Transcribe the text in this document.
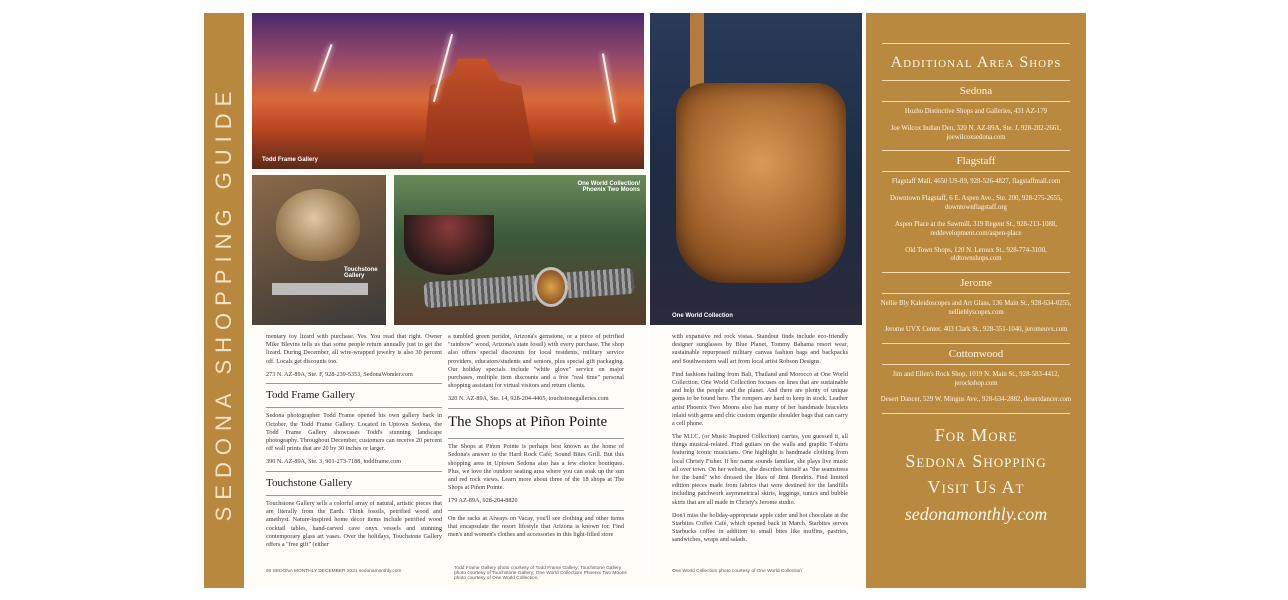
SEDONA SHOPPING GUIDE	Todd Frame Gallery
Touchstone Gallery
One World Collection/ Phoenix Two Moons
One World Collection

mentary toy lizard with purchase. Yes. You read that right. Owner Mike Blevins tells us that some people return annually just to get the lizard. During December, all wire-wrapped jewelry is also 30 percent off. Locals get discounts too.

273 N. AZ-89A, Ste. F, 928-239-5353, SedonaWonder.com
Todd Frame Gallery

Sedona photographer Todd Frame opened his own gallery back in October, the Todd Frame Gallery. Located in Uptown Sedona, the Todd Frame Gallery showcases Todd's stunning landscape photography. Throughout December, customers can receive 20 percent off wall prints that are 20 by 30 inches or larger.

390 N. AZ-89A, Ste. 3, 901-273-7188, toddframe.com
Touchstone Gallery

Touchstone Gallery sells a colorful array of natural, artistic pieces that are literally from the Earth. Think fossils, petrified wood and amethyst. Nature-inspired home décor items include petrified wood cocktail tables, hand-carved cave onyx vessels and stunning contemporary glass art vases. Over the holidays, Touchstone Gallery offers a "free gift" (either

a tumbled green peridot, Arizona's gemstone, or a piece of petrified "rainbow" wood, Arizona's state fossil) with every purchase. The shop also offers special discounts for local residents, military service providers, educators/students and seniors, plus special gift packaging. Our holiday specials include "white glove" service on major purchases, multiple item discounts and a free "real time" personal shopping assistant for virtual visitors and return clients.

320 N. AZ-89A, Ste. 14, 928-204-4405, touchstonegalleries.com
The Shops at Piñon Pointe

The Shops at Piñon Pointe is perhaps best known as the home of Sedona's answer to the Hard Rock Café; Sound Bites Grill. But this shopping area in Uptown Sedona also has a few choice boutiques. Plus, we love the outdoor seating area where you can soak up the sun and red rock views. Learn more about three of the 18 shops at The Shops at Piñon Pointe.

179 AZ-89A, 928-204-8820

On the racks at Always on Vacay, you'll see clothing and other items that encapsulate the resort lifestyle that Arizona is known for. Find men's and women's clothes and accessories in this light-filled store

with expansive red rock vistas. Standout finds include eco-friendly designer sunglasses by Blue Planet, Tommy Bahama resort wear, sustainable repurposed military canvas fashion bags and backpacks and Southwestern wall art from local artist Robson Designs.

Find fashions hailing from Bali, Thailand and Morocco at One World Collection. One World Collection focuses on lines that are sustainable and help the people and the planet. And there are plenty of unique gems to be found here. The rompers are hard to keep in stock. Leather artist Phoenix Two Moons also has many of her handmade bracelets inlaid with gems and chic custom organite shoulder bags that can carry a cell phone.

The M.I.C. (or Music Inspired Collection) carries, you guessed it, all things musical-related. Find guitars on the walls and graphic T-shirts featuring iconic musicians. One highlight is handmade clothing from local Christy Fisher. If her name sounds familiar, she plays live music all over town. On her website, she describes herself as "the seamstress for the band" who dressed the likes of Jimi Hendrix. Find limited edition pieces made from fabrics that were destined for the landfills including patchwork asymmetrical skirts, leggings, tunics and bubble skirts that are all made in Christy's Jerome studio.

Don't miss the holiday-appropriate apple cider and hot chocolate at the Starbites Coffee Café, which opened back in March. Starbites serves Starbucks coffee in addition to small bites like muffins, pastries, sandwiches, wraps and salads.

60 SEDONA MONTHLY DECEMBER 2021 sedonamonthly.com
Todd Frame Gallery photo courtesy of Todd Frame Gallery; Touchstone Gallery photo courtesy of Touchstone Gallery; One World Collection/ Phoenix Two Moons photo courtesy of One World Collection.
One World Collection photo courtesy of One World Collection
Additional Area Shops
Sedona
Hozho Distinctive Shops and Galleries, 431 AZ-179
Joe Wilcox Indian Den, 320 N. AZ-89A, Ste. J, 928-282-2661, joewilcoxsedona.com
Flagstaff
Flagstaff Mall, 4650 US-89, 928-526-4827, flagstaffmall.com
Downtown Flagstaff, 6 E. Aspen Ave., Ste. 200, 928-275-2655, downtownflagstaff.org
Aspen Place at the Sawmill, 319 Regent St., 928-213-1088, reddevelopment.com/aspen-place
Old Town Shops, 120 N. Leroux St., 928-774-3100, oldtownshops.com
Jerome
Nellie Bly Kaleidoscopes and Art Glass, 136 Main St., 928-634-0255, nellieblyscopes.com
Jerome UVX Center, 403 Clark St., 928-351-1040, jeromeuvx.com
Cottonwood
Jim and Ellen's Rock Shop, 1019 N. Main St., 928-583-4412, jerockshop.com
Desert Dancer, 529 W. Mingus Ave., 928-634-2882, desertdancer.com
For More
Sedona Shopping
Visit Us At
sedonamonthly.com
